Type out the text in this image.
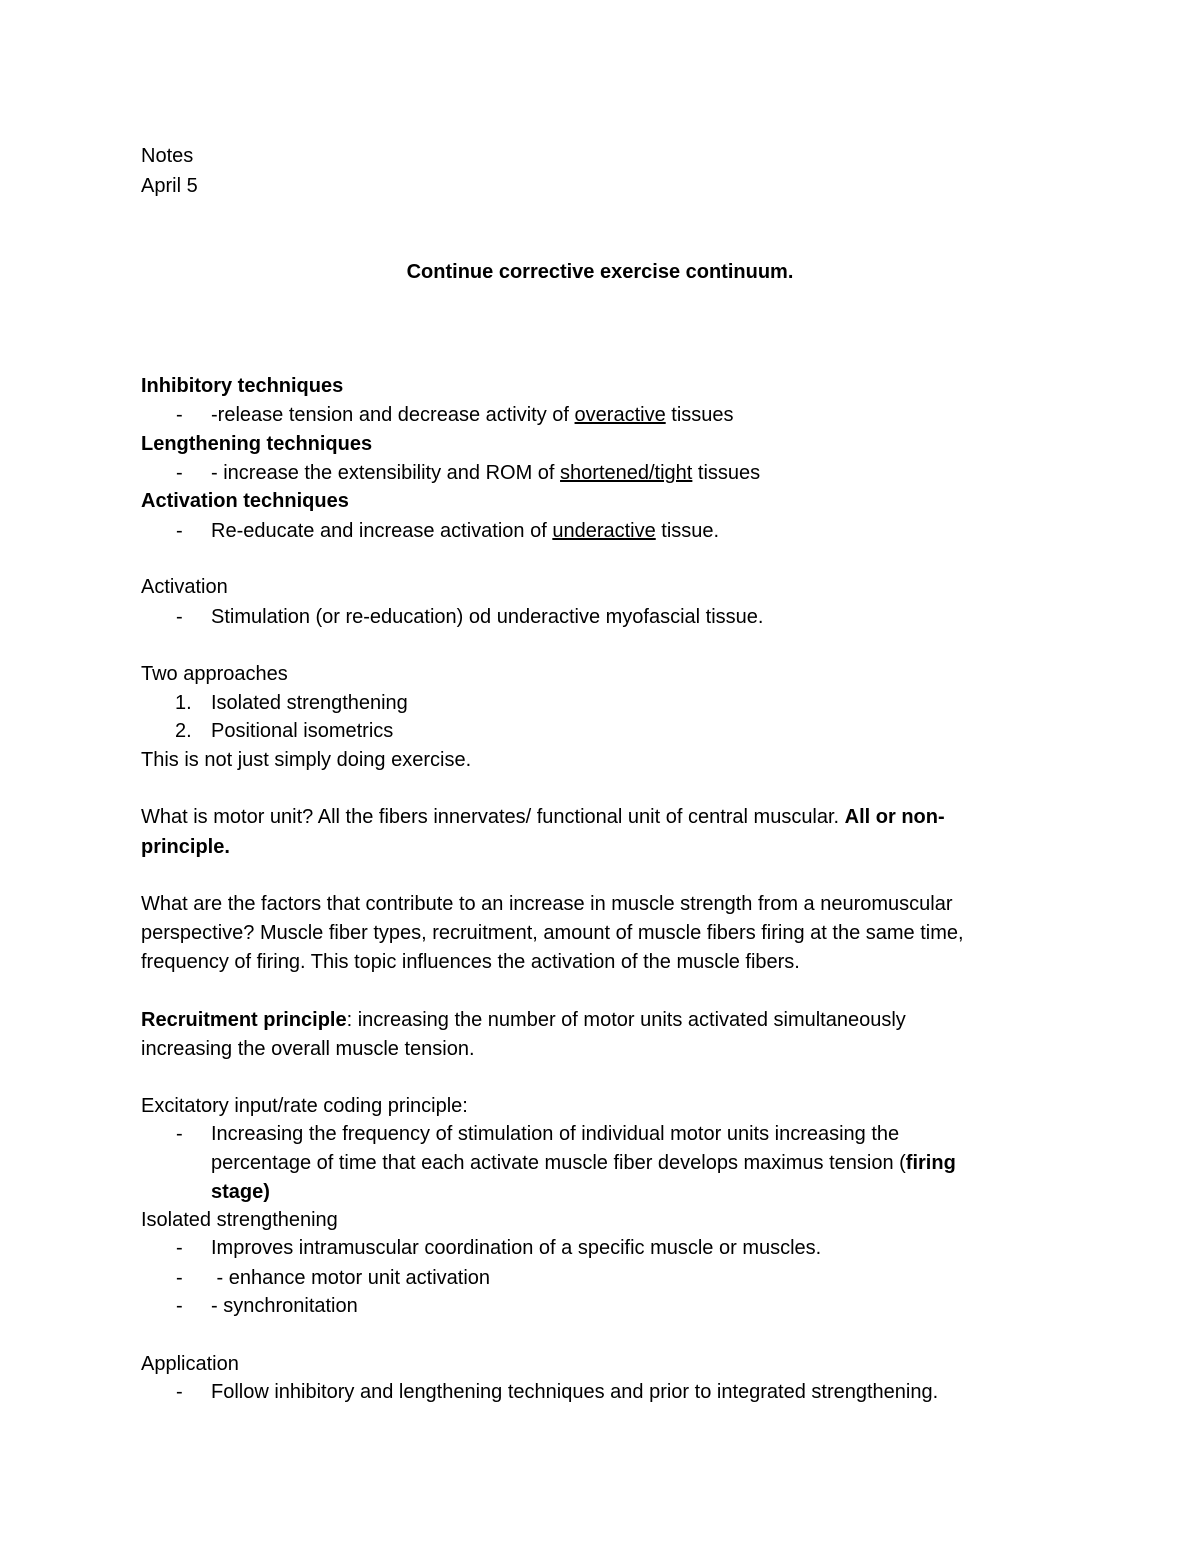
Notes
April 5
Continue corrective exercise continuum.
Inhibitory techniques
- -release tension and decrease activity of overactive tissues
Lengthening techniques
- - increase the extensibility and ROM of shortened/tight tissues
Activation techniques
- Re-educate and increase activation of underactive tissue.
Activation
- Stimulation (or re-education) od underactive myofascial tissue.
Two approaches
1. Isolated strengthening
2. Positional isometrics
This is not just simply doing exercise.
What is motor unit? All the fibers innervates/ functional unit of central muscular. All or non-
principle.
What are the factors that contribute to an increase in muscle strength from a neuromuscular
perspective? Muscle fiber types, recruitment, amount of muscle fibers firing at the same time,
frequency of firing. This topic influences the activation of the muscle fibers.
Recruitment principle: increasing the number of motor units activated simultaneously
increasing the overall muscle tension.
Excitatory input/rate coding principle:
- Increasing the frequency of stimulation of individual motor units increasing the
percentage of time that each activate muscle fiber develops maximus tension (firing
stage)
Isolated strengthening
- Improves intramuscular coordination of a specific muscle or muscles.
- - enhance motor unit activation
- - synchronitation
Application
- Follow inhibitory and lengthening techniques and prior to integrated strengthening.
